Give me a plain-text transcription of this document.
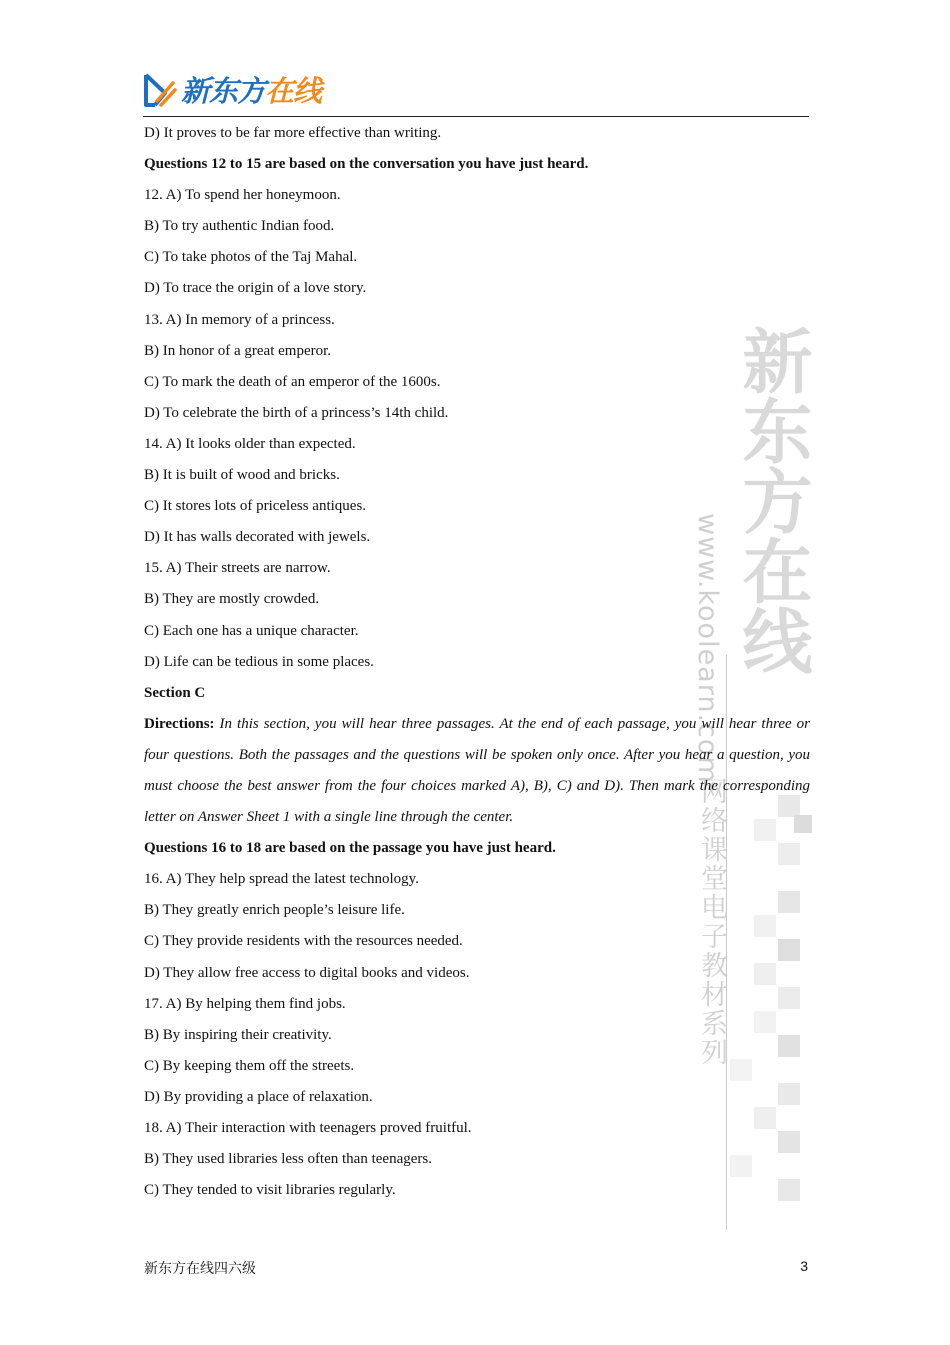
新东方在线
新东方在线
www.koolearn.com
网络课堂电子教材系列
D) It proves to be far more effective than writing.
Questions 12 to 15 are based on the conversation you have just heard.
12. A) To spend her honeymoon.
B) To try authentic Indian food.
C) To take photos of the Taj Mahal.
D) To trace the origin of a love story.
13. A) In memory of a princess.
B) In honor of a great emperor.
C) To mark the death of an emperor of the 1600s.
D) To celebrate the birth of a princess’s 14th child.
14. A) It looks older than expected.
B) It is built of wood and bricks.
C) It stores lots of priceless antiques.
D) It has walls decorated with jewels.
15. A) Their streets are narrow.
B) They are mostly crowded.
C) Each one has a unique character.
D) Life can be tedious in some places.
Section C
Directions: In this section, you will hear three passages. At the end of each passage, you will hear three or four questions. Both the passages and the questions will be spoken only once. After you hear a question, you must choose the best answer from the four choices marked A), B), C) and D). Then mark the corresponding letter on Answer Sheet 1 with a single line through the center.
Questions 16 to 18 are based on the passage you have just heard.
16. A) They help spread the latest technology.
B) They greatly enrich people’s leisure life.
C) They provide residents with the resources needed.
D) They allow free access to digital books and videos.
17. A) By helping them find jobs.
B) By inspiring their creativity.
C) By keeping them off the streets.
D) By providing a place of relaxation.
18. A) Their interaction with teenagers proved fruitful.
B) They used libraries less often than teenagers.
C) They tended to visit libraries regularly.
新东方在线四六级	3
